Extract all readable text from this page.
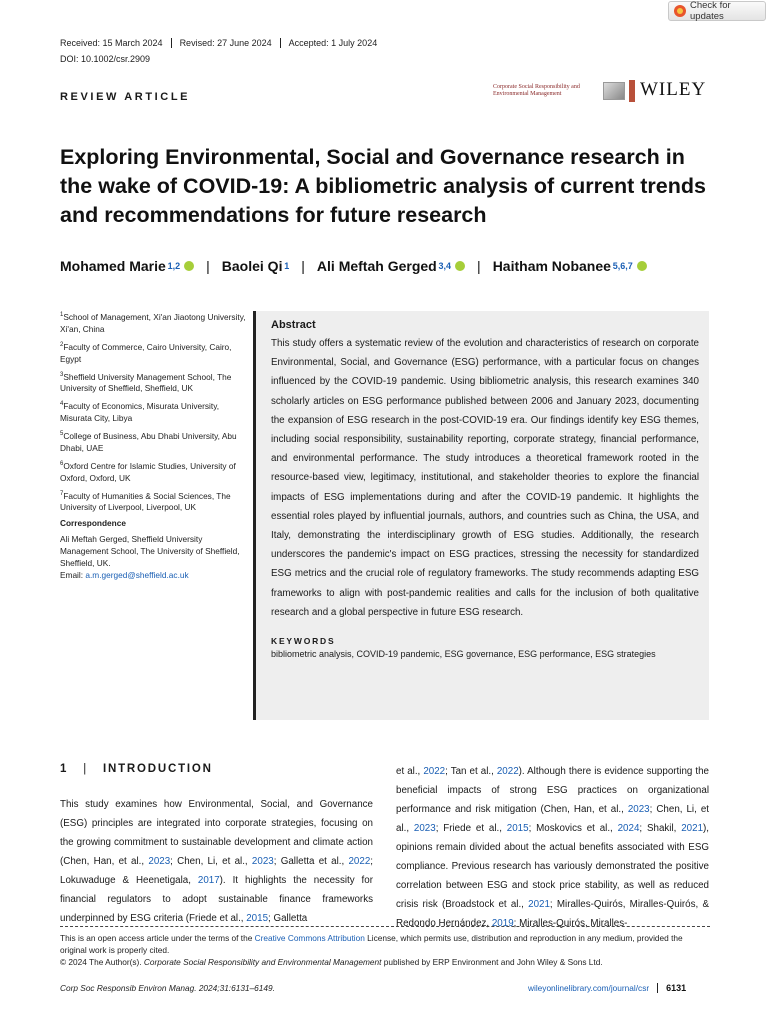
Check for updates
Received: 15 March 2024	Revised: 27 June 2024	Accepted: 1 July 2024
DOI: 10.1002/csr.2909
REVIEW ARTICLE
Corporate Social Responsibility and Environmental Management	WILEY
Exploring Environmental, Social and Governance research in the wake of COVID-19: A bibliometric analysis of current trends and recommendations for future research
Mohamed Marie  1,2 | Baolei Qi  1 | Ali Meftah Gerged  3,4 | Haitham Nobanee  5,6,7

$^1$School of Management, Xi'an Jiaotong University, Xi'an, China

$^2$Faculty of Commerce, Cairo University, Cairo, Egypt

$^3$Sheffield University Management School, The University of Sheffield, Sheffield, UK

$^4$Faculty of Economics, Misurata University, Misurata City, Libya

$^5$College of Business, Abu Dhabi University, Abu Dhabi, UAE

$^6$Oxford Centre for Islamic Studies, University of Oxford, Oxford, UK

$^7$Faculty of Humanities & Social Sciences, The University of Liverpool, Liverpool, UK

Correspondence

Ali Meftah Gerged, Sheffield University Management School, The University of Sheffield, Sheffield, UK.
Email: a.m.gerged@sheffield.ac.uk
Abstract
This study offers a systematic review of the evolution and characteristics of research on corporate Environmental, Social, and Governance (ESG) performance, with a particular focus on changes influenced by the COVID-19 pandemic. Using bibliometric analysis, this research examines 340 scholarly articles on ESG performance published between 2006 and January 2023, documenting the expansion of ESG research in the post-COVID-19 era. Our findings identify key ESG themes, including social responsibility, sustainability reporting, corporate strategy, financial performance, and environmental performance. The study introduces a theoretical framework rooted in the resource-based view, legitimacy, institutional, and stakeholder theories to explore the financial impacts of ESG implementations during and after the COVID-19 pandemic. It highlights the essential roles played by influential journals, authors, and countries such as China, the USA, and Italy, demonstrating the interdisciplinary growth of ESG studies. Additionally, the research underscores the pandemic's impact on ESG practices, stressing the necessity for standardized ESG metrics and the crucial role of regulatory frameworks. The study recommends adapting ESG frameworks to align with post-pandemic realities and calls for the inclusion of both qualitative research and a global perspective in future ESG research.
KEYWORDS
bibliometric analysis, COVID-19 pandemic, ESG governance, ESG performance, ESG strategies
1 | INTRODUCTION
This study examines how Environmental, Social, and Governance (ESG) principles are integrated into corporate strategies, focusing on the growing commitment to sustainable development and climate action (Chen, Han, et al., 2023; Chen, Li, et al., 2023; Galletta et al., 2022; Lokuwaduge & Heenetigala, 2017). It highlights the necessity for financial regulators to adopt sustainable finance frameworks underpinned by ESG criteria (Friede et al., 2015; Galletta
et al., 2022; Tan et al., 2022). Although there is evidence supporting the beneficial impacts of strong ESG practices on organizational performance and risk mitigation (Chen, Han, et al., 2023; Chen, Li, et al., 2023; Friede et al., 2015; Moskovics et al., 2024; Shakil, 2021), opinions remain divided about the actual benefits associated with ESG compliance. Previous research has variously demonstrated the positive correlation between ESG and stock price stability, as well as reduced crisis risk (Broadstock et al., 2021; Miralles-Quirós, Miralles-Quirós, & Redondo Hernández, 2019; Miralles-Quirós, Miralles-
This is an open access article under the terms of the Creative Commons Attribution License, which permits use, distribution and reproduction in any medium, provided the original work is properly cited.
© 2024 The Author(s). Corporate Social Responsibility and Environmental Management published by ERP Environment and John Wiley & Sons Ltd.
Corp Soc Responsib Environ Manag. 2024;31:6131–6149.	wileyonlinelibrary.com/journal/csr	6131
